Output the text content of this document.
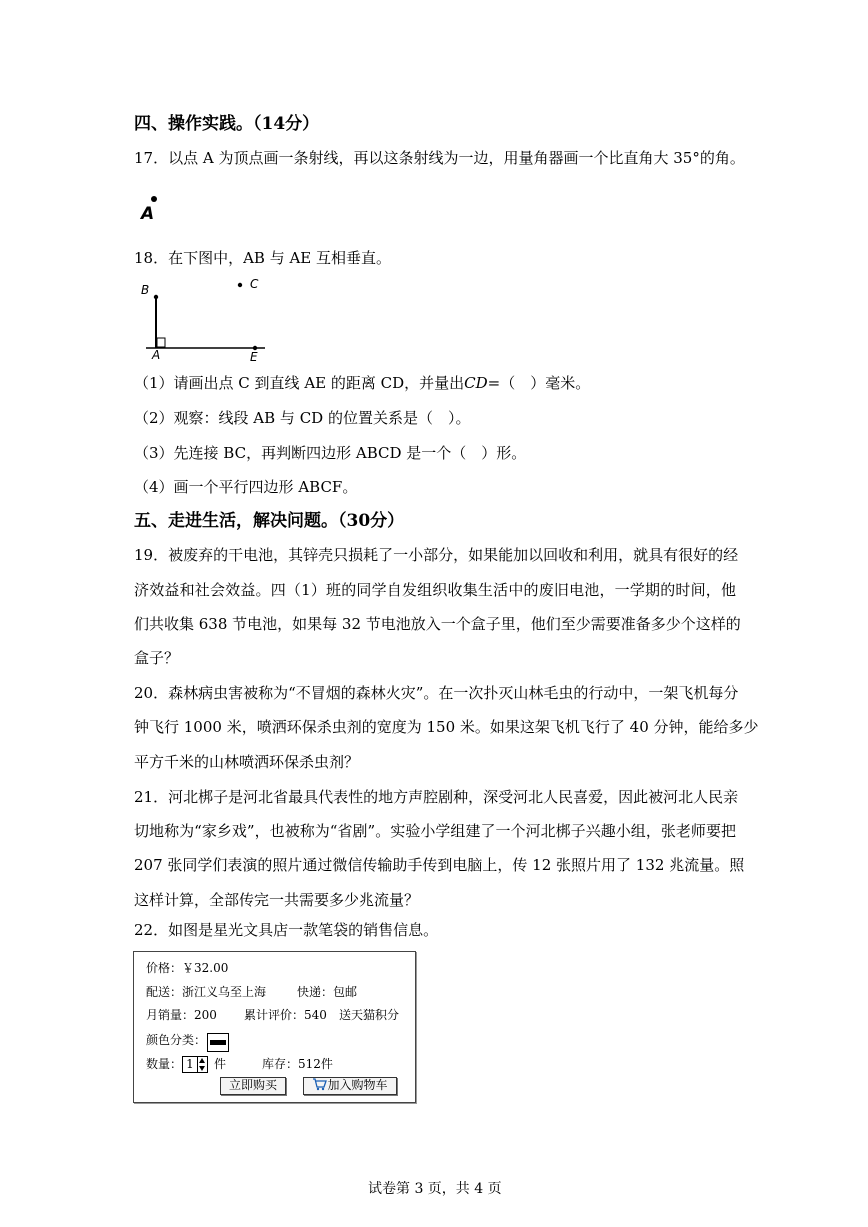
四、操作实践。（14分）
17．以点 A 为顶点画一条射线，再以这条射线为一边，用量角器画一个比直角大 35°的角。
A
18．在下图中，AB 与 AE 互相垂直。
B	C
A	E
（1）请画出点 C 到直线 AE 的距离 CD，并量出CD=（　）毫米。
（2）观察：线段 AB 与 CD 的位置关系是（　）。
（3）先连接 BC，再判断四边形 ABCD 是一个（　）形。
（4）画一个平行四边形 ABCF。
五、走进生活，解决问题。（30分）
19．被废弃的干电池，其锌壳只损耗了一小部分，如果能加以回收和利用，就具有很好的经
济效益和社会效益。四（1）班的同学自发组织收集生活中的废旧电池，一学期的时间，他
们共收集 638 节电池，如果每 32 节电池放入一个盒子里，他们至少需要准备多少个这样的
盒子？
20．森林病虫害被称为“不冒烟的森林火灾”。在一次扑灭山林毛虫的行动中，一架飞机每分
钟飞行 1000 米，喷洒环保杀虫剂的宽度为 150 米。如果这架飞机飞行了 40 分钟，能给多少
平方千米的山林喷洒环保杀虫剂？
21．河北梆子是河北省最具代表性的地方声腔剧种，深受河北人民喜爱，因此被河北人民亲
切地称为“家乡戏”，也被称为“省剧”。实验小学组建了一个河北梆子兴趣小组，张老师要把
207 张同学们表演的照片通过微信传输助手传到电脑上，传 12 张照片用了 132 兆流量。照
这样计算，全部传完一共需要多少兆流量？
22．如图是星光文具店一款笔袋的销售信息。
价格：￥32.00
配送：浙江义乌至上海	快递：包邮
月销量：200 累计评价：540 送天猫积分
颜色分类：
数量： 1	件	库存：512件
立即购买	加入购物车
试卷第 3 页，共 4 页
